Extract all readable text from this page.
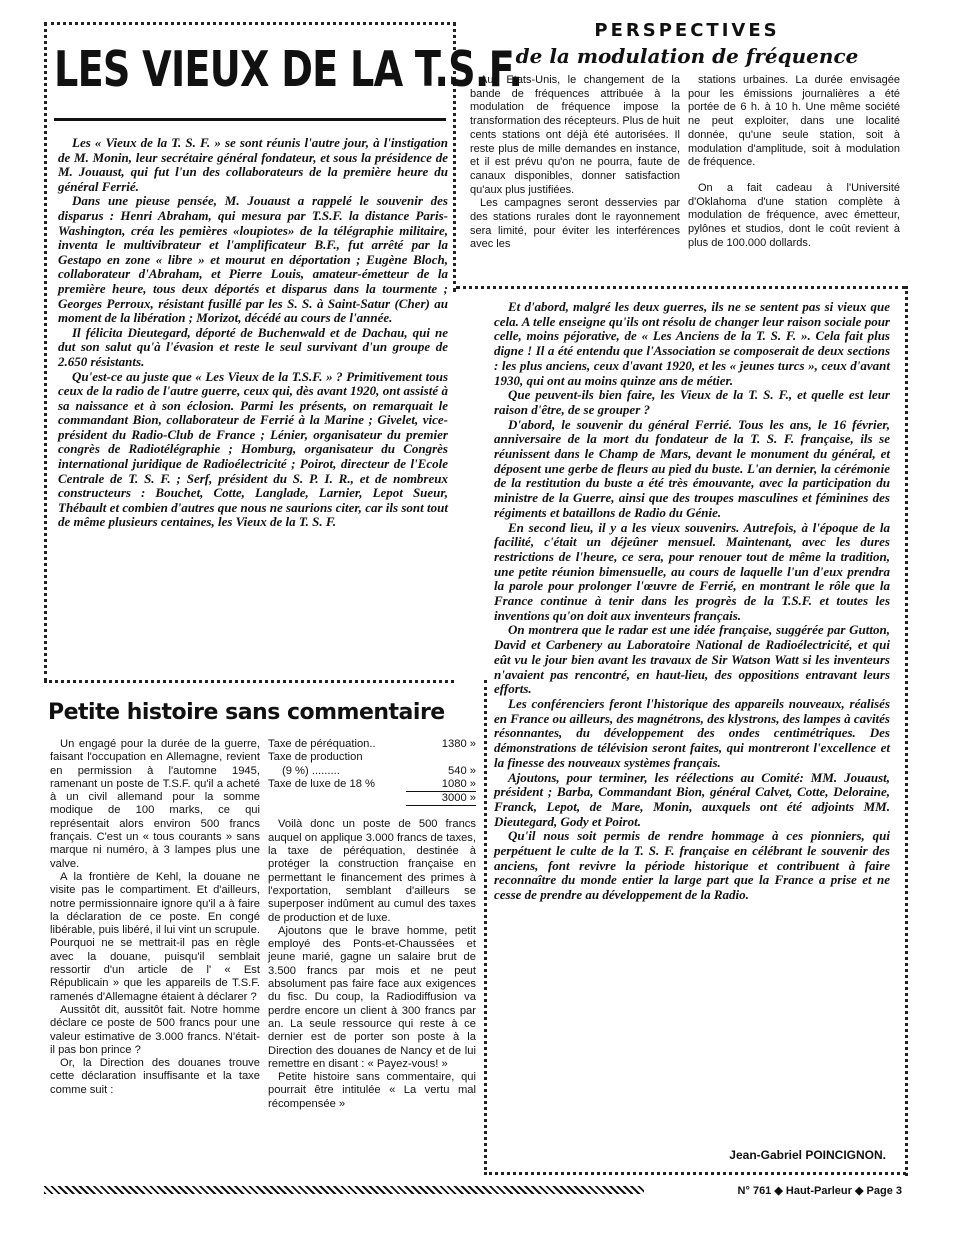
LES VIEUX DE LA T.S.F.

Les « Vieux de la T. S. F. » se sont réunis l'autre jour, à l'instigation de M. Monin, leur secrétaire général fondateur, et sous la présidence de M. Jouaust, qui fut l'un des collaborateurs de la première heure du général Ferrié.

Dans une pieuse pensée, M. Jouaust a rappelé le souvenir des disparus : Henri Abraham, qui mesura par T.S.F. la distance Paris-Washington, créa les pemières «loupiotes» de la télégraphie militaire, inventa le multivibrateur et l'amplificateur B.F., fut arrêté par la Gestapo en zone « libre » et mourut en déportation ; Eugène Bloch, collaborateur d'Abraham, et Pierre Louis, amateur-émetteur de la première heure, tous deux déportés et disparus dans la tourmente ; Georges Perroux, résistant fusillé par les S. S. à Saint-Satur (Cher) au moment de la libération ; Morizot, décédé au cours de l'année.

Il félicita Dieutegard, déporté de Buchenwald et de Dachau, qui ne dut son salut qu'à l'évasion et reste le seul survivant d'un groupe de 2.650 résistants.

Qu'est-ce au juste que « Les Vieux de la T.S.F. » ? Primitivement tous ceux de la radio de l'autre guerre, ceux qui, dès avant 1920, ont assisté à sa naissance et à son éclosion. Parmi les présents, on remarquait le commandant Bion, collaborateur de Ferrié à la Marine ; Givelet, vice-président du Radio-Club de France ; Lénier, organisateur du premier congrès de Radiotélégraphie ; Homburg, organisateur du Congrès international juridique de Radioélectricité ; Poirot, directeur de l'Ecole Centrale de T. S. F. ; Serf, président du S. P. I. R., et de nombreux constructeurs : Bouchet, Cotte, Langlade, Larnier, Lepot Sueur, Thébault et combien d'autres que nous ne saurions citer, car ils sont tout de même plusieurs centaines, les Vieux de la T. S. F.

PERSPECTIVES
de la modulation de fréquence

Aux Etats-Unis, le changement de la bande de fréquences attribuée à la modulation de fréquence impose la transformation des récepteurs. Plus de huit cents stations ont déjà été autorisées. Il reste plus de mille demandes en instance, et il est prévu qu'on ne pourra, faute de canaux disponibles, donner satisfaction qu'aux plus justifiées.

Les campagnes seront desservies par des stations rurales dont le rayonnement sera limité, pour éviter les interférences avec les

stations urbaines. La durée envisagée pour les émissions journalières a été portée de 6 h. à 10 h. Une même société ne peut exploiter, dans une localité donnée, qu'une seule station, soit à modulation d'amplitude, soit à modulation de fréquence.

On a fait cadeau à l'Université d'Oklahoma d'une station complète à modulation de fréquence, avec émetteur, pylônes et studios, dont le coût revient à plus de 100.000 dollards.

Et d'abord, malgré les deux guerres, ils ne se sentent pas si vieux que cela. A telle enseigne qu'ils ont résolu de changer leur raison sociale pour celle, moins péjorative, de « Les Anciens de la T. S. F. ». Cela fait plus digne ! Il a été entendu que l'Association se composerait de deux sections : les plus anciens, ceux d'avant 1920, et les « jeunes turcs », ceux d'avant 1930, qui ont au moins quinze ans de métier.

Que peuvent-ils bien faire, les Vieux de la T. S. F., et quelle est leur raison d'être, de se grouper ?

D'abord, le souvenir du général Ferrié. Tous les ans, le 16 février, anniversaire de la mort du fondateur de la T. S. F. française, ils se réunissent dans le Champ de Mars, devant le monument du général, et déposent une gerbe de fleurs au pied du buste. L'an dernier, la cérémonie de la restitution du buste a été très émouvante, avec la participation du ministre de la Guerre, ainsi que des troupes masculines et féminines des régiments et bataillons de Radio du Génie.

En second lieu, il y a les vieux souvenirs. Autrefois, à l'époque de la facilité, c'était un déjeûner mensuel. Maintenant, avec les dures restrictions de l'heure, ce sera, pour renouer tout de même la tradition, une petite réunion bimensuelle, au cours de laquelle l'un d'eux prendra la parole pour prolonger l'œuvre de Ferrié, en montrant le rôle que la France continue à tenir dans les progrès de la T.S.F. et toutes les inventions qu'on doit aux inventeurs français.

On montrera que le radar est une idée française, suggérée par Gutton, David et Carbenery au Laboratoire National de Radioélectricité, et qui eût vu le jour bien avant les travaux de Sir Watson Watt si les inventeurs n'avaient pas rencontré, en haut-lieu, des oppositions entravant leurs efforts.

Les conférenciers feront l'historique des appareils nouveaux, réalisés en France ou ailleurs, des magnétrons, des klystrons, des lampes à cavités résonnantes, du développement des ondes centimétriques. Des démonstrations de télévision seront faites, qui montreront l'excellence et la finesse des nouveaux systèmes français.

Ajoutons, pour terminer, les réélections au Comité: MM. Jouaust, président ; Barba, Commandant Bion, général Calvet, Cotte, Deloraine, Franck, Lepot, de Mare, Monin, auxquels ont été adjoints MM. Dieutegard, Gody et Poirot.

Qu'il nous soit permis de rendre hommage à ces pionniers, qui perpétuent le culte de la T. S. F. française en célébrant le souvenir des anciens, font revivre la période historique et contribuent à faire reconnaître du monde entier la large part que la France a prise et ne cesse de prendre au développement de la Radio.

Jean-Gabriel POINCIGNON.
Petite histoire sans commentaire

Un engagé pour la durée de la guerre, faisant l'occupation en Allemagne, revient en permission à l'automne 1945, ramenant un poste de T.S.F. qu'il a acheté à un civil allemand pour la somme modique de 100 marks, ce qui représentait alors environ 500 francs français. C'est un « tous courants » sans marque ni numéro, à 3 lampes plus une valve.

A la frontière de Kehl, la douane ne visite pas le compartiment. Et d'ailleurs, notre permissionnaire ignore qu'il a à faire la déclaration de ce poste. En congé libérable, puis libéré, il lui vint un scrupule. Pourquoi ne se mettrait-il pas en règle avec la douane, puisqu'il semblait ressortir d'un article de l' « Est Républicain » que les appareils de T.S.F. ramenés d'Allemagne étaient à déclarer ?

Aussitôt dit, aussitôt fait. Notre homme déclare ce poste de 500 francs pour une valeur estimative de 3.000 francs. N'était-il pas bon prince ?

Or, la Direction des douanes trouve cette déclaration insuffisante et la taxe comme suit :

Taxe de péréquation..	1380 »
Taxe de production
(9 %) .........	540 »
Taxe de luxe de 18 %	1080 »
3000 »

Voilà donc un poste de 500 francs auquel on applique 3.000 francs de taxes, la taxe de péréquation, destinée à protéger la construction française en permettant le financement des primes à l'exportation, semblant d'ailleurs se superposer indûment au cumul des taxes de production et de luxe.

Ajoutons que le brave homme, petit employé des Ponts-et-Chaussées et jeune marié, gagne un salaire brut de 3.500 francs par mois et ne peut absolument pas faire face aux exigences du fisc. Du coup, la Radiodiffusion va perdre encore un client à 300 francs par an. La seule ressource qui reste à ce dernier est de porter son poste à la Direction des douanes de Nancy et de lui remettre en disant : « Payez-vous! »

Petite histoire sans commentaire, qui pourrait être intitulée « La vertu mal récompensée »

N° 761 ◆ Haut-Parleur ◆ Page 3
